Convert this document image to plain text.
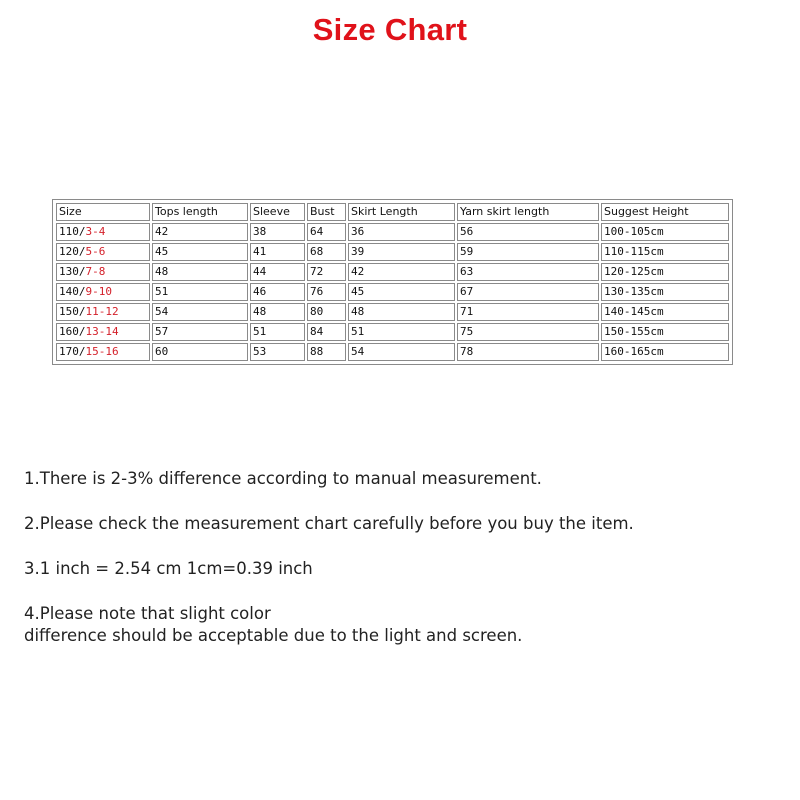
Size Chart
Size	Tops length	Sleeve	Bust	Skirt Length	Yarn skirt length	Suggest Height
110/3-4	42	38	64	36	56	100-105cm
120/5-6	45	41	68	39	59	110-115cm
130/7-8	48	44	72	42	63	120-125cm
140/9-10	51	46	76	45	67	130-135cm
150/11-12	54	48	80	48	71	140-145cm
160/13-14	57	51	84	51	75	150-155cm
170/15-16	60	53	88	54	78	160-165cm

1.There is 2-3% difference according to manual measurement.

2.Please check the measurement chart carefully before you buy the item.

3.1 inch = 2.54 cm 1cm=0.39 inch

4.Please note that slight color
difference should be acceptable due to the light and screen.
